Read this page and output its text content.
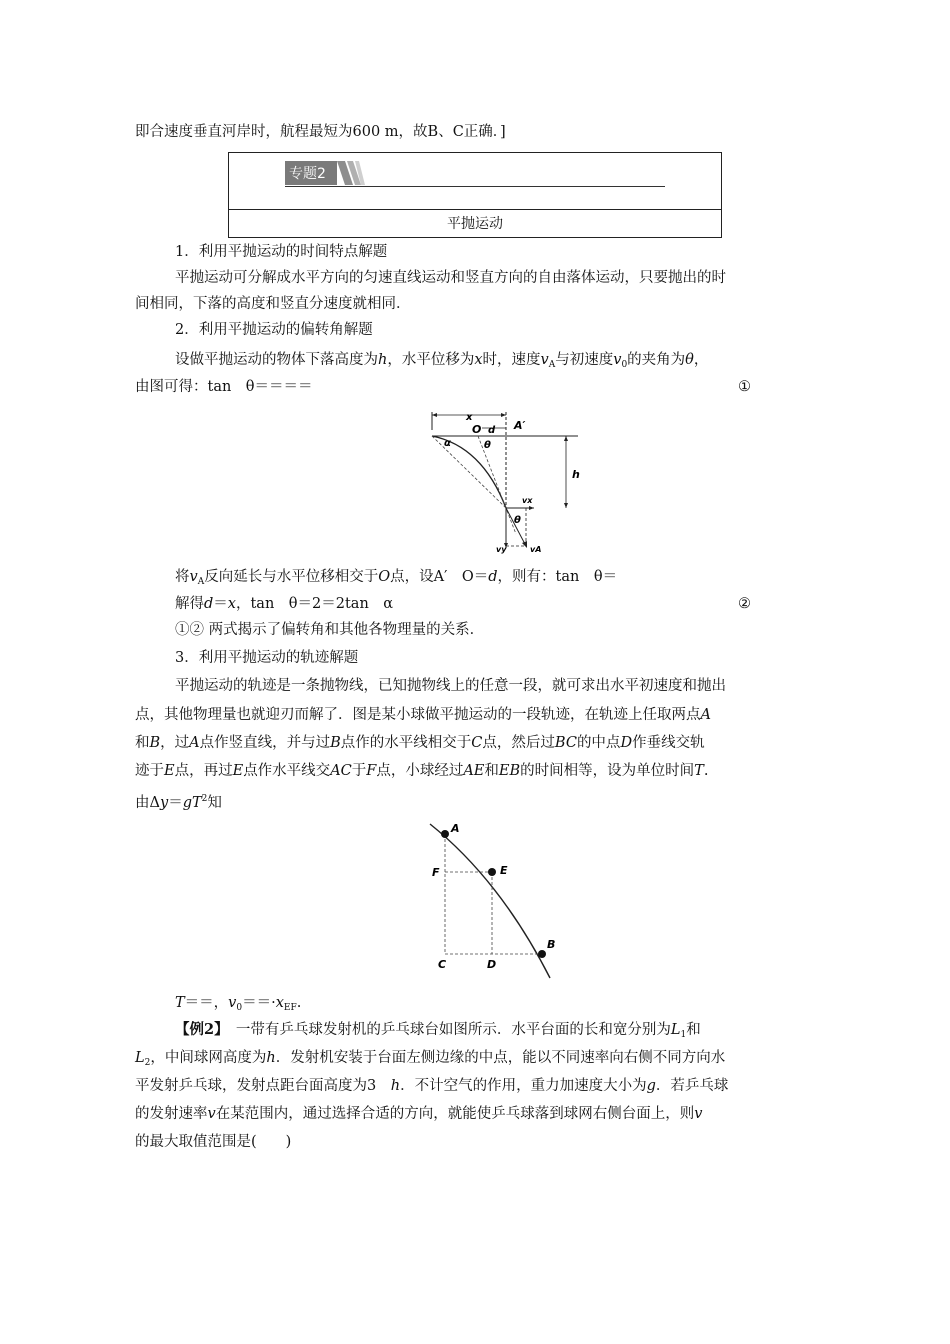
即合速度垂直河岸时，航程最短为600 m，故B、C正确．]
专题2
平抛运动
1．利用平抛运动的时间特点解题
平抛运动可分解成水平方向的匀速直线运动和竖直方向的自由落体运动，只要抛出的时
间相同，下落的高度和竖直分速度就相同．
2．利用平抛运动的偏转角解题
设做平抛运动的物体下落高度为h，水平位移为x时，速度$v_A$与初速度$v_0$的夹角为θ，
由图可得：tan　θ＝＝＝＝	①
x
O d A′
h
α	θ
vx
vy	vA
θ
将$v_A$反向延长与水平位移相交于O点，设A′　O＝d，则有：tan　θ＝
解得d＝x，tan　θ＝2＝2tan　α	②
①② 两式揭示了偏转角和其他各物理量的关系．
3．利用平抛运动的轨迹解题
平抛运动的轨迹是一条抛物线，已知抛物线上的任意一段，就可求出水平初速度和抛出
点，其他物理量也就迎刃而解了．图是某小球做平抛运动的一段轨迹，在轨迹上任取两点A
和B，过A点作竖直线，并与过B点作的水平线相交于C点，然后过BC的中点D作垂线交轨
迹于E点，再过E点作水平线交AC于F点，小球经过AE和EB的时间相等，设为单位时间T.
由$\Delta y=gT^2$知
A
F	E
B
C	D
T＝＝，$v_0==\cdot x_{EF}$.
【例2】　一带有乒乓球发射机的乒乓球台如图所示．水平台面的长和宽分别为$L_1$和
$L_2$，中间球网高度为h．发射机安装于台面左侧边缘的中点，能以不同速率向右侧不同方向水
平发射乒乓球，发射点距台面高度为3　h．不计空气的作用，重力加速度大小为g．若乒乓球
的发射速率v在某范围内，通过选择合适的方向，就能使乒乓球落到球网右侧台面上，则v
的最大取值范围是(　　)
